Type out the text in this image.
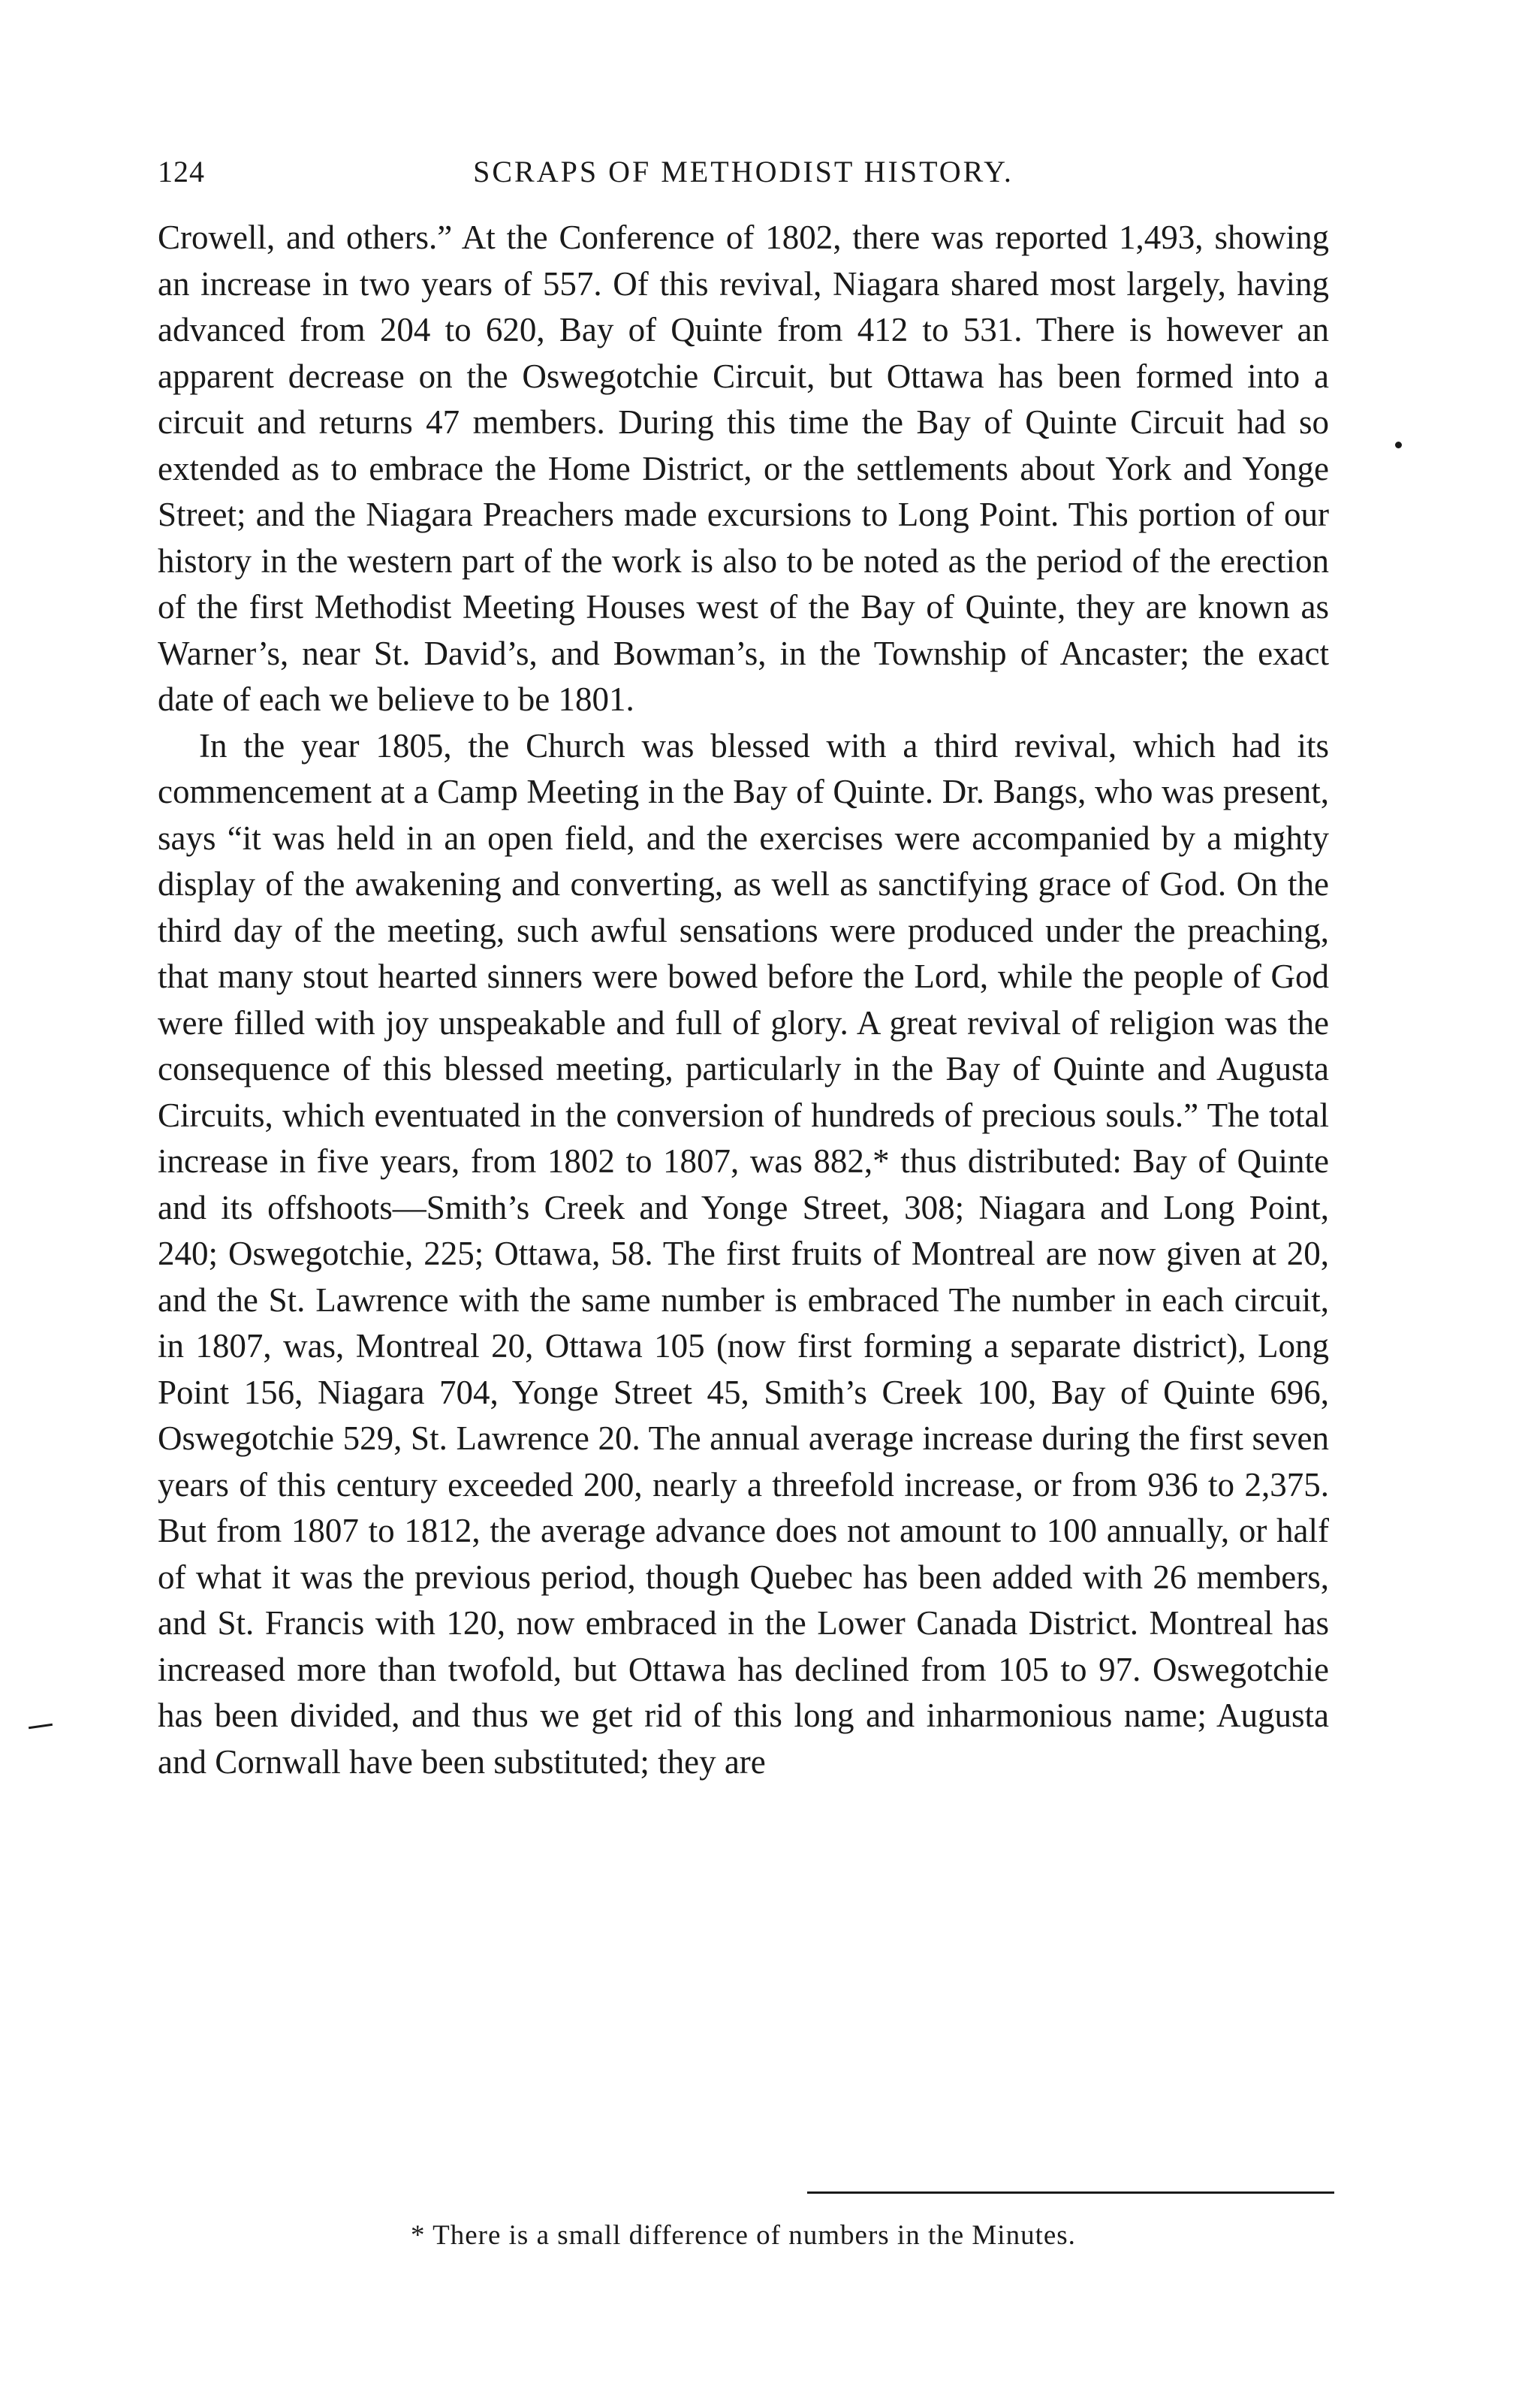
124	SCRAPS OF METHODIST HISTORY.

Crowell, and others.” At the Conference of 1802, there was reported 1,493, showing an increase in two years of 557. Of this revival, Niagara shared most largely, having advanced from 204 to 620, Bay of Quinte from 412 to 531. There is however an apparent decrease on the Oswegotchie Circuit, but Ottawa has been formed into a circuit and returns 47 members. During this time the Bay of Quinte Circuit had so extended as to embrace the Home District, or the settlements about York and Yonge Street; and the Niagara Preachers made excursions to Long Point. This portion of our history in the western part of the work is also to be noted as the period of the erection of the first Methodist Meeting Houses west of the Bay of Quinte, they are known as Warner’s, near St. David’s, and Bowman’s, in the Township of Ancaster; the exact date of each we believe to be 1801.

In the year 1805, the Church was blessed with a third revival, which had its commencement at a Camp Meeting in the Bay of Quinte. Dr. Bangs, who was present, says “it was held in an open field, and the exercises were accompanied by a mighty display of the awakening and converting, as well as sanctifying grace of God. On the third day of the meeting, such awful sensations were produced under the preaching, that many stout hearted sinners were bowed before the Lord, while the people of God were filled with joy unspeakable and full of glory. A great revival of religion was the consequence of this blessed meeting, particularly in the Bay of Quinte and Augusta Circuits, which eventuated in the conversion of hundreds of precious souls.” The total increase in five years, from 1802 to 1807, was 882,* thus distributed: Bay of Quinte and its offshoots—Smith’s Creek and Yonge Street, 308; Niagara and Long Point, 240; Oswegotchie, 225; Ottawa, 58. The first fruits of Montreal are now given at 20, and the St. Lawrence with the same number is embraced The number in each circuit, in 1807, was, Montreal 20, Ottawa 105 (now first forming a separate district), Long Point 156, Niagara 704, Yonge Street 45, Smith’s Creek 100, Bay of Quinte 696, Oswegotchie 529, St. Lawrence 20. The annual average increase during the first seven years of this century exceeded 200, nearly a threefold increase, or from 936 to 2,375. But from 1807 to 1812, the average advance does not amount to 100 annually, or half of what it was the previous period, though Quebec has been added with 26 members, and St. Francis with 120, now embraced in the Lower Canada District. Montreal has increased more than twofold, but Ottawa has declined from 105 to 97. Oswegotchie has been divided, and thus we get rid of this long and inharmonious name; Augusta and Cornwall have been substituted; they are

* There is a small difference of numbers in the Minutes.
